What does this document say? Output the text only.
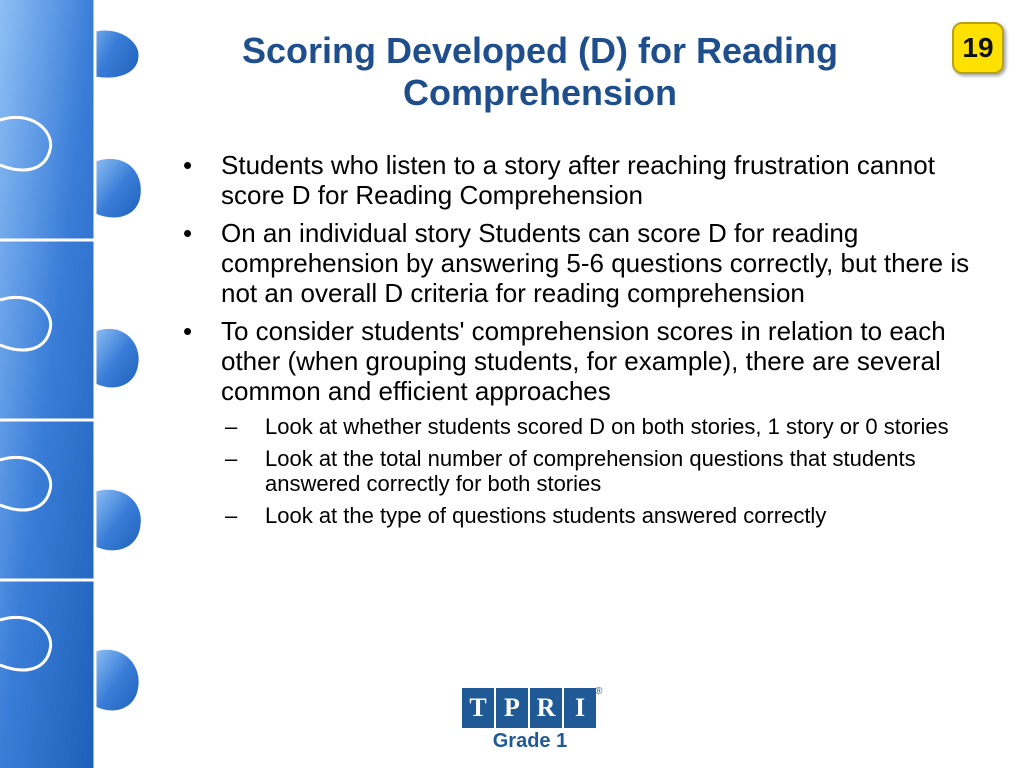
Scoring Developed (D) for Reading
Comprehension
19
•	Students who listen to a story after reaching frustration cannot score D for Reading Comprehension
•	On an individual story Students can score D for reading comprehension by answering 5-6 questions correctly, but there is not an overall D criteria for reading comprehension
•	To consider students' comprehension scores in relation to each other (when grouping students, for example), there are several common and efficient approaches
– Look at whether students scored D on both stories, 1 story or 0 stories
– Look at the total number of comprehension questions that students answered correctly for both stories
– Look at the type of questions students answered correctly
T P R I
®
Grade 1
